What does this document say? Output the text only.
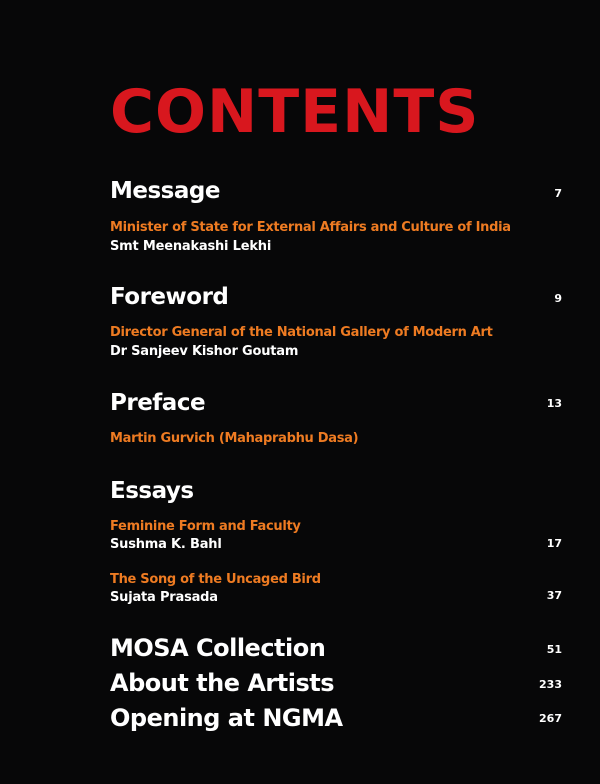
CONTENTS
Message	7
Minister of State for External Affairs and Culture of India
Smt Meenakashi Lekhi
Foreword	9
Director General of the National Gallery of Modern Art
Dr Sanjeev Kishor Goutam
Preface	13
Martin Gurvich (Mahaprabhu Dasa)
Essays
Feminine Form and Faculty
Sushma K. Bahl	17
The Song of the Uncaged Bird
Sujata Prasada	37
MOSA Collection	51
About the Artists	233
Opening at NGMA	267
